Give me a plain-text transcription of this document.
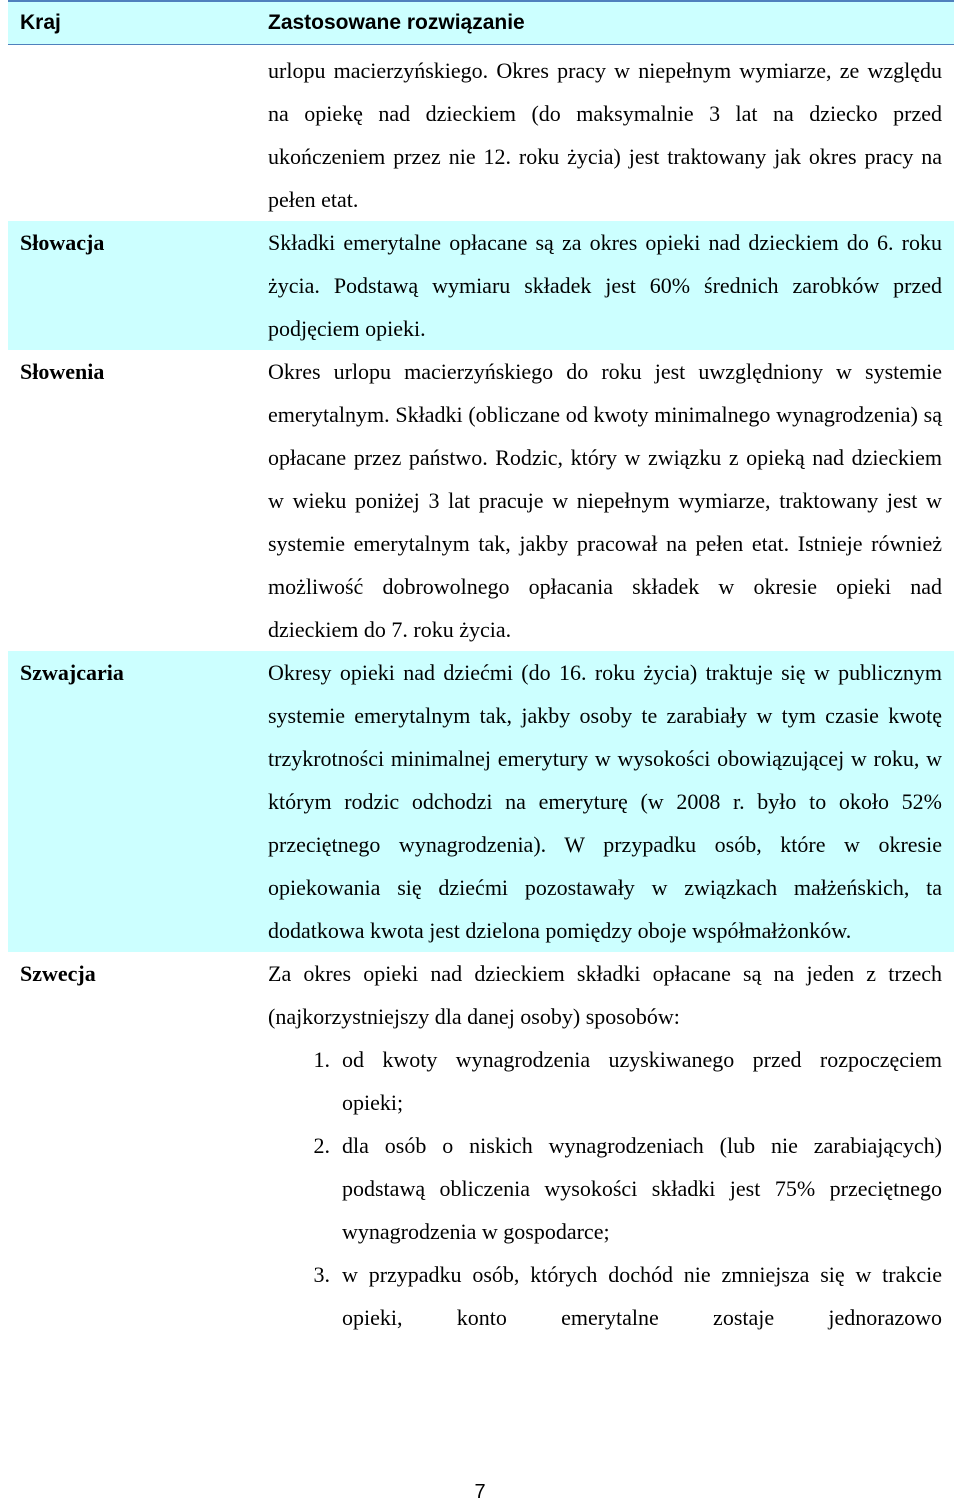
Kraj	Zastosowane rozwiązanie
urlopu macierzyńskiego. Okres pracy w niepełnym wymiarze, ze względu na opiekę nad dzieckiem (do maksymalnie 3 lat na dziecko przed ukończeniem przez nie 12. roku życia) jest traktowany jak okres pracy na pełen etat.
Słowacja	Składki emerytalne opłacane są za okres opieki nad dzieckiem do 6. roku życia. Podstawą wymiaru składek jest 60% średnich zarobków przed podjęciem opieki.
Słowenia	Okres urlopu macierzyńskiego do roku jest uwzględniony w systemie emerytalnym. Składki (obliczane od kwoty minimalnego wynagrodzenia) są opłacane przez państwo. Rodzic, który w związku z opieką nad dzieckiem w wieku poniżej 3 lat pracuje w niepełnym wymiarze, traktowany jest w systemie emerytalnym tak, jakby pracował na pełen etat. Istnieje również możliwość dobrowolnego opłacania składek w okresie opieki nad dzieckiem do 7. roku życia.
Szwajcaria	Okresy opieki nad dziećmi (do 16. roku życia) traktuje się w publicznym systemie emerytalnym tak, jakby osoby te zarabiały w tym czasie kwotę trzykrotności minimalnej emerytury w wysokości obowiązującej w roku, w którym rodzic odchodzi na emeryturę (w 2008 r. było to około 52% przeciętnego wynagrodzenia). W przypadku osób, które w okresie opiekowania się dziećmi pozostawały w związkach małżeńskich, ta dodatkowa kwota jest dzielona pomiędzy oboje współmałżonków.
Szwecja	Za okres opieki nad dzieckiem składki opłacane są na jeden z trzech (najkorzystniejszy dla danej osoby) sposobów:
1. od kwoty wynagrodzenia uzyskiwanego przed rozpoczęciem opieki;
2. dla osób o niskich wynagrodzeniach (lub nie zarabiających) podstawą obliczenia wysokości składki jest 75% przeciętnego wynagrodzenia w gospodarce;
3. w przypadku osób, których dochód nie zmniejsza się w trakcie opieki, konto emerytalne zostaje jednorazowo
7
